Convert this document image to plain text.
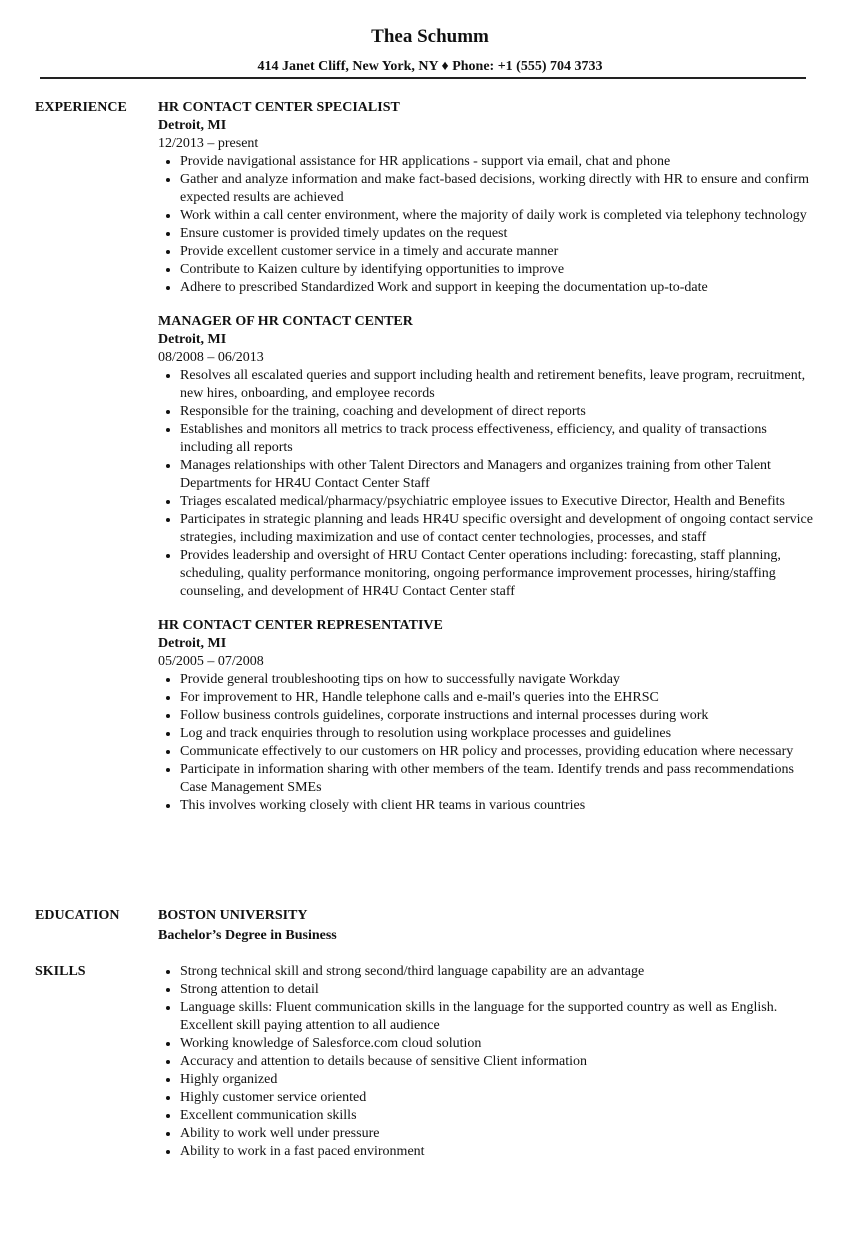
Thea Schumm
414 Janet Cliff, New York, NY ♦ Phone: +1 (555) 704 3733
EXPERIENCE HR CONTACT CENTER SPECIALIST
Detroit, MI
12/2013 – present
• Provide navigational assistance for HR applications - support via email, chat and phone
• Gather and analyze information and make fact-based decisions, working directly with HR to ensure and confirm expected results are achieved
• Work within a call center environment, where the majority of daily work is completed via telephony technology
• Ensure customer is provided timely updates on the request
• Provide excellent customer service in a timely and accurate manner
• Contribute to Kaizen culture by identifying opportunities to improve
• Adhere to prescribed Standardized Work and support in keeping the documentation up-to-date
MANAGER OF HR CONTACT CENTER
Detroit, MI
08/2008 – 06/2013
• Resolves all escalated queries and support including health and retirement benefits, leave program, recruitment, new hires, onboarding, and employee records
• Responsible for the training, coaching and development of direct reports
• Establishes and monitors all metrics to track process effectiveness, efficiency, and quality of transactions including all reports
• Manages relationships with other Talent Directors and Managers and organizes training from other Talent Departments for HR4U Contact Center Staff
• Triages escalated medical/pharmacy/psychiatric employee issues to Executive Director, Health and Benefits
• Participates in strategic planning and leads HR4U specific oversight and development of ongoing contact service strategies, including maximization and use of contact center technologies, processes, and staff
• Provides leadership and oversight of HRU Contact Center operations including: forecasting, staff planning, scheduling, quality performance monitoring, ongoing performance improvement processes, hiring/staffing counseling, and development of HR4U Contact Center staff
HR CONTACT CENTER REPRESENTATIVE
Detroit, MI
05/2005 – 07/2008
• Provide general troubleshooting tips on how to successfully navigate Workday
• For improvement to HR, Handle telephone calls and e-mail's queries into the EHRSC
• Follow business controls guidelines, corporate instructions and internal processes during work
• Log and track enquiries through to resolution using workplace processes and guidelines
• Communicate effectively to our customers on HR policy and processes, providing education where necessary
• Participate in information sharing with other members of the team. Identify trends and pass recommendations Case Management SMEs
• This involves working closely with client HR teams in various countries
EDUCATION	BOSTON UNIVERSITY
Bachelor’s Degree in Business
SKILLS
•	Strong technical skill and strong second/third language capability are an advantage
• Strong attention to detail
• Language skills: Fluent communication skills in the language for the supported country as well as English. Excellent skill paying attention to all audience
• Working knowledge of Salesforce.com cloud solution
• Accuracy and attention to details because of sensitive Client information
• Highly organized
• Highly customer service oriented
• Excellent communication skills
• Ability to work well under pressure
• Ability to work in a fast paced environment
